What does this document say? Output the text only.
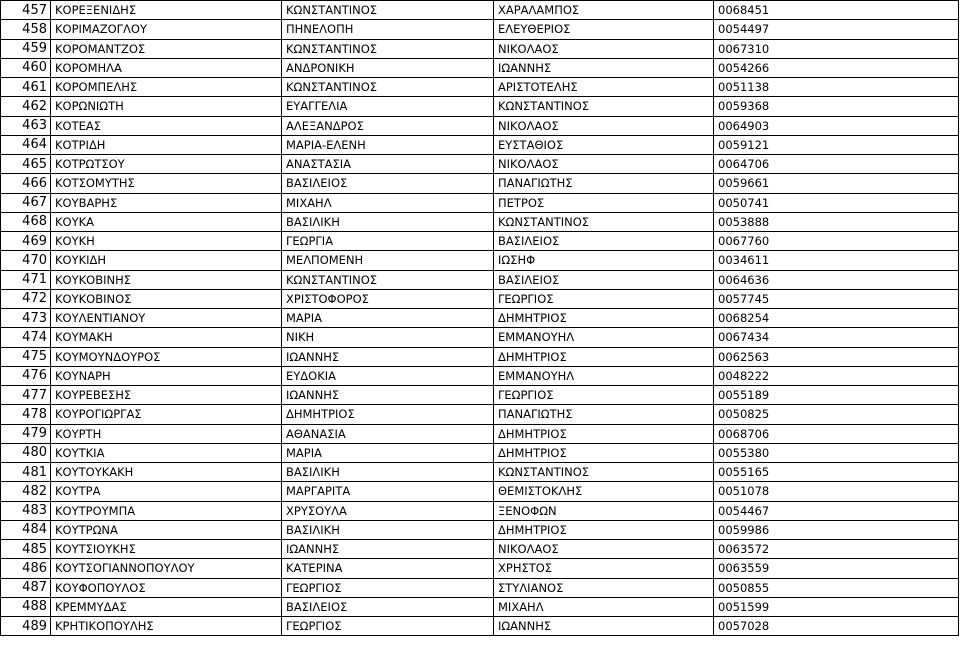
457	ΚΟΡΕΞΕΝΙΔΗΣ	ΚΩΝΣΤΑΝΤΙΝΟΣ	ΧΑΡΑΛΑΜΠΟΣ	0068451
458	ΚΟΡΙΜΑΖΟΓΛΟΥ	ΠΗΝΕΛΟΠΗ	ΕΛΕΥΘΕΡΙΟΣ	0054497
459	ΚΟΡΟΜΑΝΤΖΟΣ	ΚΩΝΣΤΑΝΤΙΝΟΣ	ΝΙΚΟΛΑΟΣ	0067310
460	ΚΟΡΟΜΗΛΑ	ΑΝΔΡΟΝΙΚΗ	ΙΩΑΝΝΗΣ	0054266
461	ΚΟΡΟΜΠΕΛΗΣ	ΚΩΝΣΤΑΝΤΙΝΟΣ	ΑΡΙΣΤΟΤΕΛΗΣ	0051138
462	ΚΟΡΩΝΙΩΤΗ	ΕΥΑΓΓΕΛΙΑ	ΚΩΝΣΤΑΝΤΙΝΟΣ	0059368
463	ΚΟΤΕΑΣ	ΑΛΕΞΑΝΔΡΟΣ	ΝΙΚΟΛΑΟΣ	0064903
464	ΚΟΤΡΙΔΗ	ΜΑΡΙΑ-ΕΛΕΝΗ	ΕΥΣΤΑΘΙΟΣ	0059121
465	ΚΟΤΡΩΤΣΟΥ	ΑΝΑΣΤΑΣΙΑ	ΝΙΚΟΛΑΟΣ	0064706
466	ΚΟΤΣΟΜΥΤΗΣ	ΒΑΣΙΛΕΙΟΣ	ΠΑΝΑΓΙΩΤΗΣ	0059661
467	ΚΟΥΒΑΡΗΣ	ΜΙΧΑΗΛ	ΠΕΤΡΟΣ	0050741
468	ΚΟΥΚΑ	ΒΑΣΙΛΙΚΗ	ΚΩΝΣΤΑΝΤΙΝΟΣ	0053888
469	ΚΟΥΚΗ	ΓΕΩΡΓΙΑ	ΒΑΣΙΛΕΙΟΣ	0067760
470	ΚΟΥΚΙΔΗ	ΜΕΛΠΟΜΕΝΗ	ΙΩΣΗΦ	0034611
471	ΚΟΥΚΟΒΙΝΗΣ	ΚΩΝΣΤΑΝΤΙΝΟΣ	ΒΑΣΙΛΕΙΟΣ	0064636
472	ΚΟΥΚΟΒΙΝΟΣ	ΧΡΙΣΤΟΦΟΡΟΣ	ΓΕΩΡΓΙΟΣ	0057745
473	ΚΟΥΛΕΝΤΙΑΝΟΥ	ΜΑΡΙΑ	ΔΗΜΗΤΡΙΟΣ	0068254
474	ΚΟΥΜΑΚΗ	ΝΙΚΗ	ΕΜΜΑΝΟΥΗΛ	0067434
475	ΚΟΥΜΟΥΝΔΟΥΡΟΣ	ΙΩΑΝΝΗΣ	ΔΗΜΗΤΡΙΟΣ	0062563
476	ΚΟΥΝΑΡΗ	ΕΥΔΟΚΙΑ	ΕΜΜΑΝΟΥΗΛ	0048222
477	ΚΟΥΡΕΒΕΣΗΣ	ΙΩΑΝΝΗΣ	ΓΕΩΡΓΙΟΣ	0055189
478	ΚΟΥΡΟΓΙΩΡΓΑΣ	ΔΗΜΗΤΡΙΟΣ	ΠΑΝΑΓΙΩΤΗΣ	0050825
479	ΚΟΥΡΤΗ	ΑΘΑΝΑΣΙΑ	ΔΗΜΗΤΡΙΟΣ	0068706
480	ΚΟΥΤΚΙΑ	ΜΑΡΙΑ	ΔΗΜΗΤΡΙΟΣ	0055380
481	ΚΟΥΤΟΥΚΑΚΗ	ΒΑΣΙΛΙΚΗ	ΚΩΝΣΤΑΝΤΙΝΟΣ	0055165
482	ΚΟΥΤΡΑ	ΜΑΡΓΑΡΙΤΑ	ΘΕΜΙΣΤΟΚΛΗΣ	0051078
483	ΚΟΥΤΡΟΥΜΠΑ	ΧΡΥΣΟΥΛΑ	ΞΕΝΟΦΩΝ	0054467
484	ΚΟΥΤΡΩΝΑ	ΒΑΣΙΛΙΚΗ	ΔΗΜΗΤΡΙΟΣ	0059986
485	ΚΟΥΤΣΙΟΥΚΗΣ	ΙΩΑΝΝΗΣ	ΝΙΚΟΛΑΟΣ	0063572
486	ΚΟΥΤΣΟΓΙΑΝΝΟΠΟΥΛΟΥ	ΚΑΤΕΡΙΝΑ	ΧΡΗΣΤΟΣ	0063559
487	ΚΟΥΦΟΠΟΥΛΟΣ	ΓΕΩΡΓΙΟΣ	ΣΤΥΛΙΑΝΟΣ	0050855
488	ΚΡΕΜΜΥΔΑΣ	ΒΑΣΙΛΕΙΟΣ	ΜΙΧΑΗΛ	0051599
489	ΚΡΗΤΙΚΟΠΟΥΛΗΣ	ΓΕΩΡΓΙΟΣ	ΙΩΑΝΝΗΣ	0057028
